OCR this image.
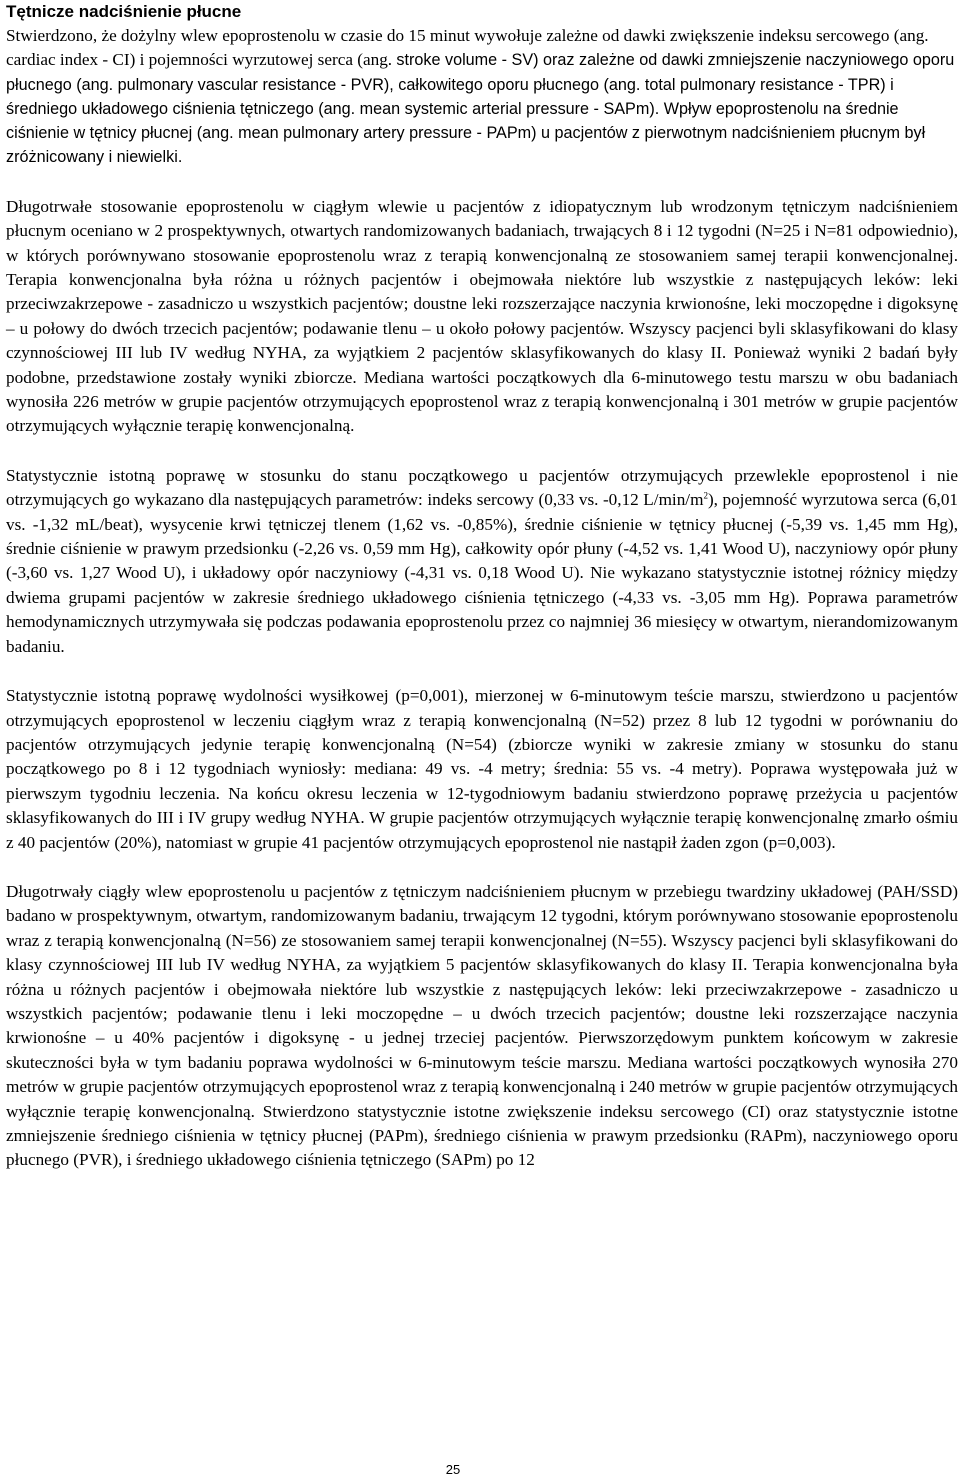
Tętnicze nadciśnienie płucne

Stwierdzono, że dożylny wlew epoprostenolu w czasie do 15 minut wywołuje zależne od dawki zwiększenie indeksu sercowego (ang. cardiac index - CI) i pojemności wyrzutowej serca (ang. stroke volume - SV) oraz zależne od dawki zmniejszenie naczyniowego oporu płucnego (ang. pulmonary vascular resistance - PVR), całkowitego oporu płucnego (ang. total pulmonary resistance - TPR) i średniego układowego ciśnienia tętniczego (ang. mean systemic arterial pressure - SAPm). Wpływ epoprostenolu na średnie ciśnienie w tętnicy płucnej (ang. mean pulmonary artery pressure - PAPm) u pacjentów z pierwotnym nadciśnieniem płucnym był zróżnicowany i niewielki.

Długotrwałe stosowanie epoprostenolu w ciągłym wlewie u pacjentów z idiopatycznym lub wrodzonym tętniczym nadciśnieniem płucnym oceniano w 2 prospektywnych, otwartych randomizowanych badaniach, trwających 8 i 12 tygodni (N=25 i N=81 odpowiednio), w których porównywano stosowanie epoprostenolu wraz z terapią konwencjonalną ze stosowaniem samej terapii konwencjonalnej. Terapia konwencjonalna była różna u różnych pacjentów i obejmowała niektóre lub wszystkie z następujących leków: leki przeciwzakrzepowe - zasadniczo u wszystkich pacjentów; doustne leki rozszerzające naczynia krwionośne, leki moczopędne i digoksynę – u połowy do dwóch trzecich pacjentów; podawanie tlenu – u około połowy pacjentów. Wszyscy pacjenci byli sklasyfikowani do klasy czynnościowej III lub IV według NYHA, za wyjątkiem 2 pacjentów sklasyfikowanych do klasy II. Ponieważ wyniki 2 badań były podobne, przedstawione zostały wyniki zbiorcze. Mediana wartości początkowych dla 6-minutowego testu marszu w obu badaniach wynosiła 226 metrów w grupie pacjentów otrzymujących epoprostenol wraz z terapią konwencjonalną i 301 metrów w grupie pacjentów otrzymujących wyłącznie terapię konwencjonalną.

Statystycznie istotną poprawę w stosunku do stanu początkowego u pacjentów otrzymujących przewlekle epoprostenol i nie otrzymujących go wykazano dla następujących parametrów: indeks sercowy (0,33 vs. -0,12 $L/\min/m^2$), pojemność wyrzutowa serca (6,01 vs. -1,32 mL/beat), wysycenie krwi tętniczej tlenem (1,62 vs. -0,85%), średnie ciśnienie w tętnicy płucnej (-5,39 vs. 1,45 mm Hg), średnie ciśnienie w prawym przedsionku (-2,26 vs. 0,59 mm Hg), całkowity opór płuny (-4,52 vs. 1,41 Wood U), naczyniowy opór płuny (-3,60 vs. 1,27 Wood U), i układowy opór naczyniowy (-4,31 vs. 0,18 Wood U). Nie wykazano statystycznie istotnej różnicy między dwiema grupami pacjentów w zakresie średniego układowego ciśnienia tętniczego (-4,33 vs. -3,05 mm Hg). Poprawa parametrów hemodynamicznych utrzymywała się podczas podawania epoprostenolu przez co najmniej 36 miesięcy w otwartym, nierandomizowanym badaniu.

Statystycznie istotną poprawę wydolności wysiłkowej (p=0,001), mierzonej w 6-minutowym teście marszu, stwierdzono u pacjentów otrzymujących epoprostenol w leczeniu ciągłym wraz z terapią konwencjonalną (N=52) przez 8 lub 12 tygodni w porównaniu do pacjentów otrzymujących jedynie terapię konwencjonalną (N=54) (zbiorcze wyniki w zakresie zmiany w stosunku do stanu początkowego po 8 i 12 tygodniach wyniosły: mediana: 49 vs. -4 metry; średnia: 55 vs. -4 metry). Poprawa występowała już w pierwszym tygodniu leczenia. Na końcu okresu leczenia w 12-tygodniowym badaniu stwierdzono poprawę przeżycia u pacjentów sklasyfikowanych do III i IV grupy według NYHA. W grupie pacjentów otrzymujących wyłącznie terapię konwencjonalnę zmarło ośmiu z 40 pacjentów (20%), natomiast w grupie 41 pacjentów otrzymujących epoprostenol nie nastąpił żaden zgon (p=0,003).

Długotrwały ciągły wlew epoprostenolu u pacjentów z tętniczym nadciśnieniem płucnym w przebiegu twardziny układowej (PAH/SSD) badano w prospektywnym, otwartym, randomizowanym badaniu, trwającym 12 tygodni, którym porównywano stosowanie epoprostenolu wraz z terapią konwencjonalną (N=56) ze stosowaniem samej terapii konwencjonalnej (N=55). Wszyscy pacjenci byli sklasyfikowani do klasy czynnościowej III lub IV według NYHA, za wyjątkiem 5 pacjentów sklasyfikowanych do klasy II. Terapia konwencjonalna była różna u różnych pacjentów i obejmowała niektóre lub wszystkie z następujących leków: leki przeciwzakrzepowe - zasadniczo u wszystkich pacjentów; podawanie tlenu i leki moczopędne – u dwóch trzecich pacjentów; doustne leki rozszerzające naczynia krwionośne – u 40% pacjentów i digoksynę - u jednej trzeciej pacjentów. Pierwszorzędowym punktem końcowym w zakresie skuteczności była w tym badaniu poprawa wydolności w 6-minutowym teście marszu. Mediana wartości początkowych wynosiła 270 metrów w grupie pacjentów otrzymujących epoprostenol wraz z terapią konwencjonalną i 240 metrów w grupie pacjentów otrzymujących wyłącznie terapię konwencjonalną. Stwierdzono statystycznie istotne zwiększenie indeksu sercowego (CI) oraz statystycznie istotne zmniejszenie średniego ciśnienia w tętnicy płucnej (PAPm), średniego ciśnienia w prawym przedsionku (RAPm), naczyniowego oporu płucnego (PVR), i średniego układowego ciśnienia tętniczego (SAPm) po 12

25
